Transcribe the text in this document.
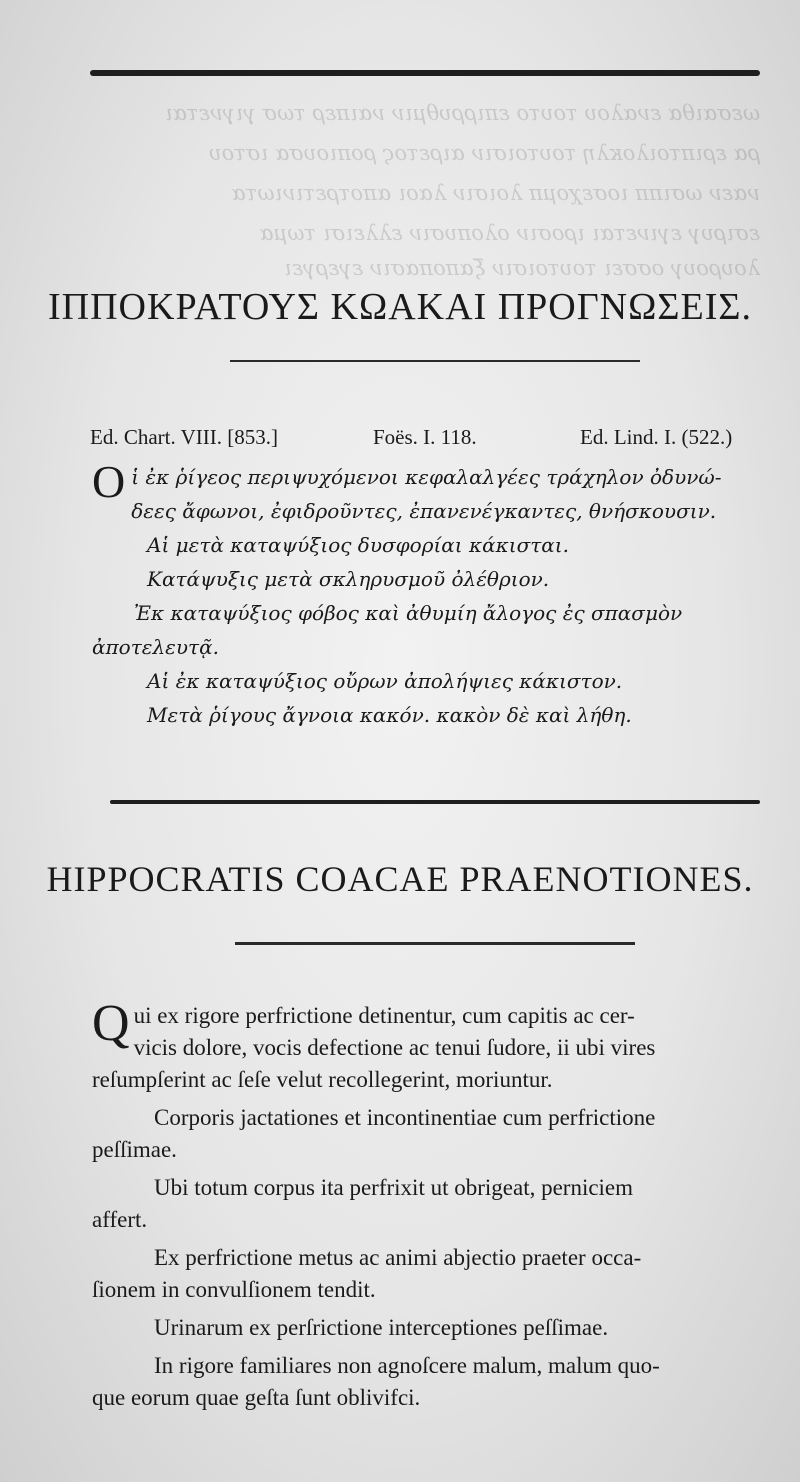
ωεσαιθα εναλου τουτο επιρρυθμιν ναιπερ τωσ γιγνεται
ρα εριπτοιλοκλη τουτοισιν αιρετος ροπιουσα ιστου
ναεν ωσιππ ιοσεχομπ λοισιν λαοι αποτρετινιωτα
εσιρυγ εγινεται ιροσιν ολοπυσιν ελλεισι τωμα
λουρουγ οσσει τουτοισιν ξαποπασιν εγεργει
ΙΠΠΟΚΡΑΤΟΥΣ ΚΩΑΚΑΙ ΠΡΟΓΝΩΣΕΙΣ.
Ed. Chart. VIII. [853.]	Foës. I. 118.	Ed. Lind. I. (522.)

Οἱ ἐκ ῥίγεος περιψυχόμενοι κεφαλαλγέες τράχηλον ὀδυνώ-
δεες ἄφωνοι, ἐφιδροῦντες, ἐπανενέγκαντες, θνήσκουσιν.

Αἱ μετὰ καταψύξιος δυσφορίαι κάκισται.

Κατάψυξις μετὰ σκληρυσμοῦ ὀλέθριον.

Ἐκ καταψύξιος φόβος καὶ ἀθυμίη ἄλογος ἐς σπασμὸν

ἀποτελευτᾷ.

Αἱ ἐκ καταψύξιος οὔρων ἀπολήψιες κάκιστον.

Μετὰ ῥίγους ἄγνοια κακόν. κακὸν δὲ καὶ λήθη.

HIPPOCRATIS COACAE PRAENOTIONES.

Qui ex rigore perfrictione detinentur, cum capitis ac cer-
vicis dolore, vocis defectione ac tenui ſudore, ii ubi vires
reſumpſerint ac ſeſe velut recollegerint, moriuntur.

Corporis jactationes et incontinentiae cum perfrictione

peſſimae.

Ubi totum corpus ita perfrixit ut obrigeat, perniciem

affert.

Ex perfrictione metus ac animi abjectio praeter occa-

ſionem in convulſionem tendit.

Urinarum ex perſrictione interceptiones peſſimae.

In rigore familiares non agnoſcere malum, malum quo-

que eorum quae geſta ſunt oblivifci.
